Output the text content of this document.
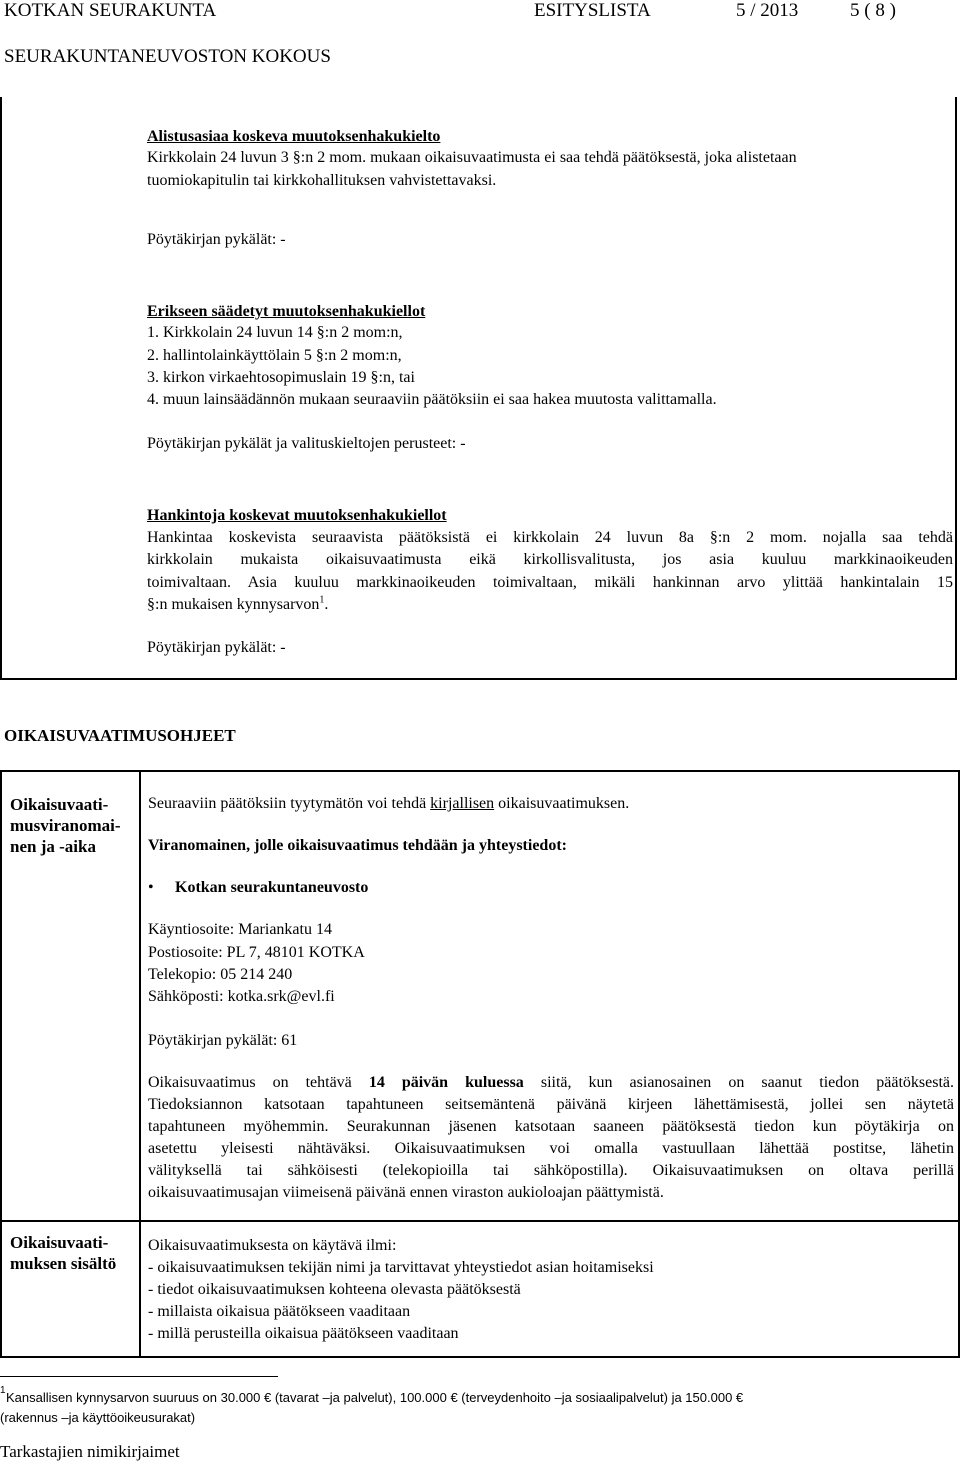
KOTKAN SEURAKUNTA	ESITYSLISTA	5 / 2013	5 ( 8 )
SEURAKUNTANEUVOSTON KOKOUS
Alistusasiaa koskeva muutoksenhakukielto
Kirkkolain 24 luvun 3 §:n 2 mom. mukaan oikaisuvaatimusta ei saa tehdä päätöksestä, joka alistetaan
tuomiokapitulin tai kirkkohallituksen vahvistettavaksi.
Pöytäkirjan pykälät: -
Erikseen säädetyt muutoksenhakukiellot
1. Kirkkolain 24 luvun 14 §:n 2 mom:n,
2. hallintolainkäyttölain 5 §:n 2 mom:n,
3. kirkon virkaehtosopimuslain 19 §:n, tai
4. muun lainsäädännön mukaan seuraaviin päätöksiin ei saa hakea muutosta valittamalla.
Pöytäkirjan pykälät ja valituskieltojen perusteet: -
Hankintoja koskevat muutoksenhakukiellot
Hankintaa koskevista seuraavista päätöksistä ei kirkkolain 24 luvun 8a §:n 2 mom. nojalla saa tehdä
kirkkolain mukaista oikaisuvaatimusta eikä kirkollisvalitusta, jos asia kuuluu markkinaoikeuden
toimivaltaan. Asia kuuluu markkinaoikeuden toimivaltaan, mikäli hankinnan arvo ylittää hankintalain 15
§:n mukaisen kynnysarvon$^1$.
Pöytäkirjan pykälät: -
OIKAISUVAATIMUSOHJEET
Oikaisuvaati-
musviranomai-
nen ja -aika
Seuraaviin päätöksiin tyytymätön voi tehdä kirjallisen oikaisuvaatimuksen.
Viranomainen, jolle oikaisuvaatimus tehdään ja yhteystiedot:
• Kotkan seurakuntaneuvosto
Käyntiosoite: Mariankatu 14
Postiosoite: PL 7, 48101 KOTKA
Telekopio: 05 214 240
Sähköposti: kotka.srk@evl.fi
Pöytäkirjan pykälät: 61
Oikaisuvaatimus on tehtävä 14 päivän kuluessa siitä, kun asianosainen on saanut tiedon päätöksestä.
Tiedoksiannon katsotaan tapahtuneen seitsemäntenä päivänä kirjeen lähettämisestä, jollei sen näytetä
tapahtuneen myöhemmin. Seurakunnan jäsenen katsotaan saaneen päätöksestä tiedon kun pöytäkirja on
asetettu yleisesti nähtäväksi. Oikaisuvaatimuksen voi omalla vastuullaan lähettää postitse, lähetin
välityksellä tai sähköisesti (telekopioilla tai sähköpostilla). Oikaisuvaatimuksen on oltava perillä
oikaisuvaatimusajan viimeisenä päivänä ennen viraston aukioloajan päättymistä.
Oikaisuvaati-
muksen sisältö
Oikaisuvaatimuksesta on käytävä ilmi:
- oikaisuvaatimuksen tekijän nimi ja tarvittavat yhteystiedot asian hoitamiseksi
- tiedot oikaisuvaatimuksen kohteena olevasta päätöksestä
- millaista oikaisua päätökseen vaaditaan
- millä perusteilla oikaisua päätökseen vaaditaan
1 Kansallisen kynnysarvon suuruus on 30.000 € (tavarat –ja palvelut), 100.000 € (terveydenhoito –ja sosiaalipalvelut) ja 150.000 €
(rakennus –ja käyttöoikeusurakat)
Tarkastajien nimikirjaimet
